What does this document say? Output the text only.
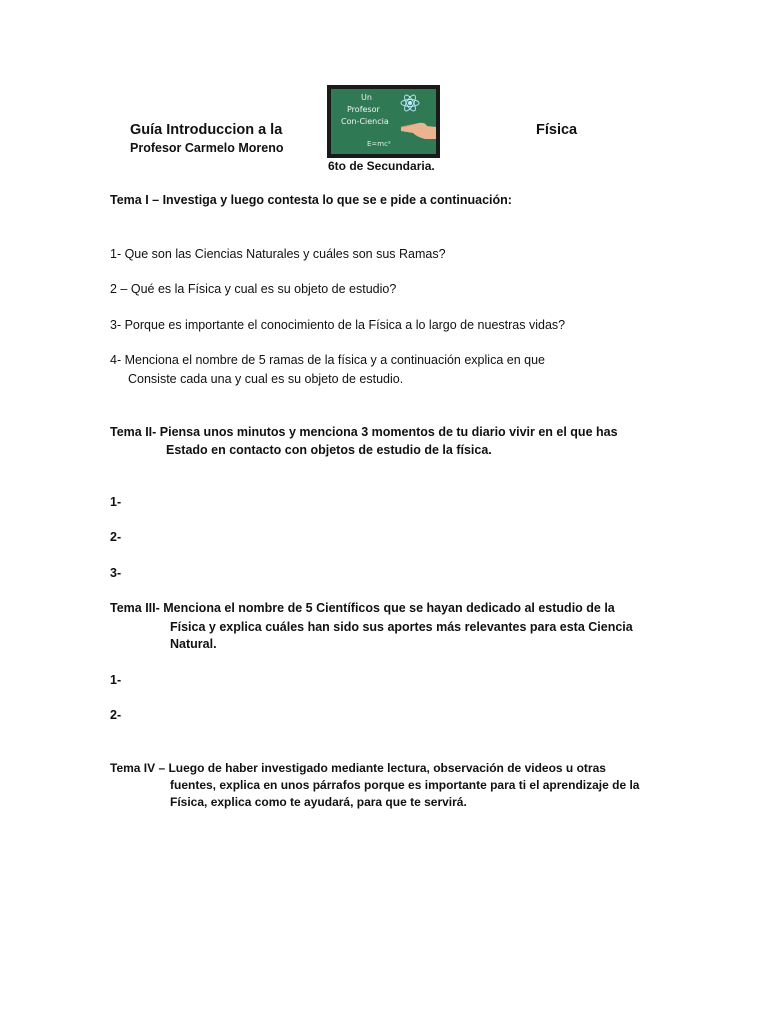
Guía Introduccion a la
Un
Profesor
Con-Ciencia
E=mc²
Física
Profesor Carmelo Moreno
6to de Secundaria.
Tema I – Investiga y luego contesta lo que se e pide a continuación:
1- Que son las Ciencias Naturales y cuáles son sus Ramas?
2 – Qué es la Física y cual es su objeto de estudio?
3- Porque es importante el conocimiento de la Física a lo largo de nuestras vidas?
4- Menciona el nombre de 5 ramas de la física y a continuación explica en que
Consiste cada una y cual es su objeto de estudio.
Tema II- Piensa unos minutos y menciona 3 momentos de tu diario vivir en el que has
Estado en contacto con objetos de estudio de la física.
1-
2-
3-
Tema III- Menciona el nombre de 5 Científicos que se hayan dedicado al estudio de la
Física y explica cuáles han sido sus aportes más relevantes para esta Ciencia
Natural.
1-
2-
Tema IV – Luego de haber investigado mediante lectura, observación de videos u otras
fuentes, explica en unos párrafos porque es importante para ti el aprendizaje de la
Física, explica como te ayudará, para que te servirá.
